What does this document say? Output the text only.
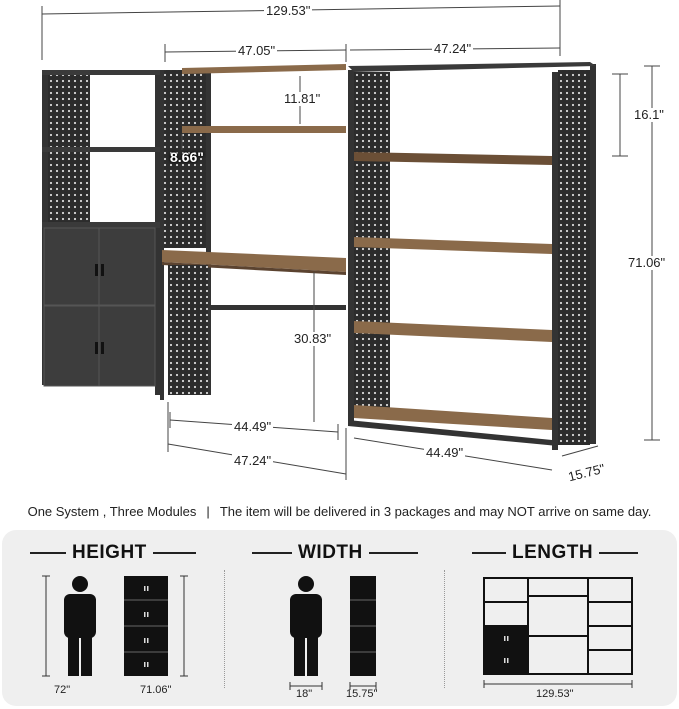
129.53"
47.05"	47.24"
11.81"
8.66"
16.1"
71.06"
30.83"
44.49"
47.24"
44.49"
15.75"
One System , Three Modules | The item will be delivered in 3 packages and may NOT arrive on same day.
HEIGHT
72"	71.06"
WIDTH
18"	15.75"
LENGTH
129.53"
